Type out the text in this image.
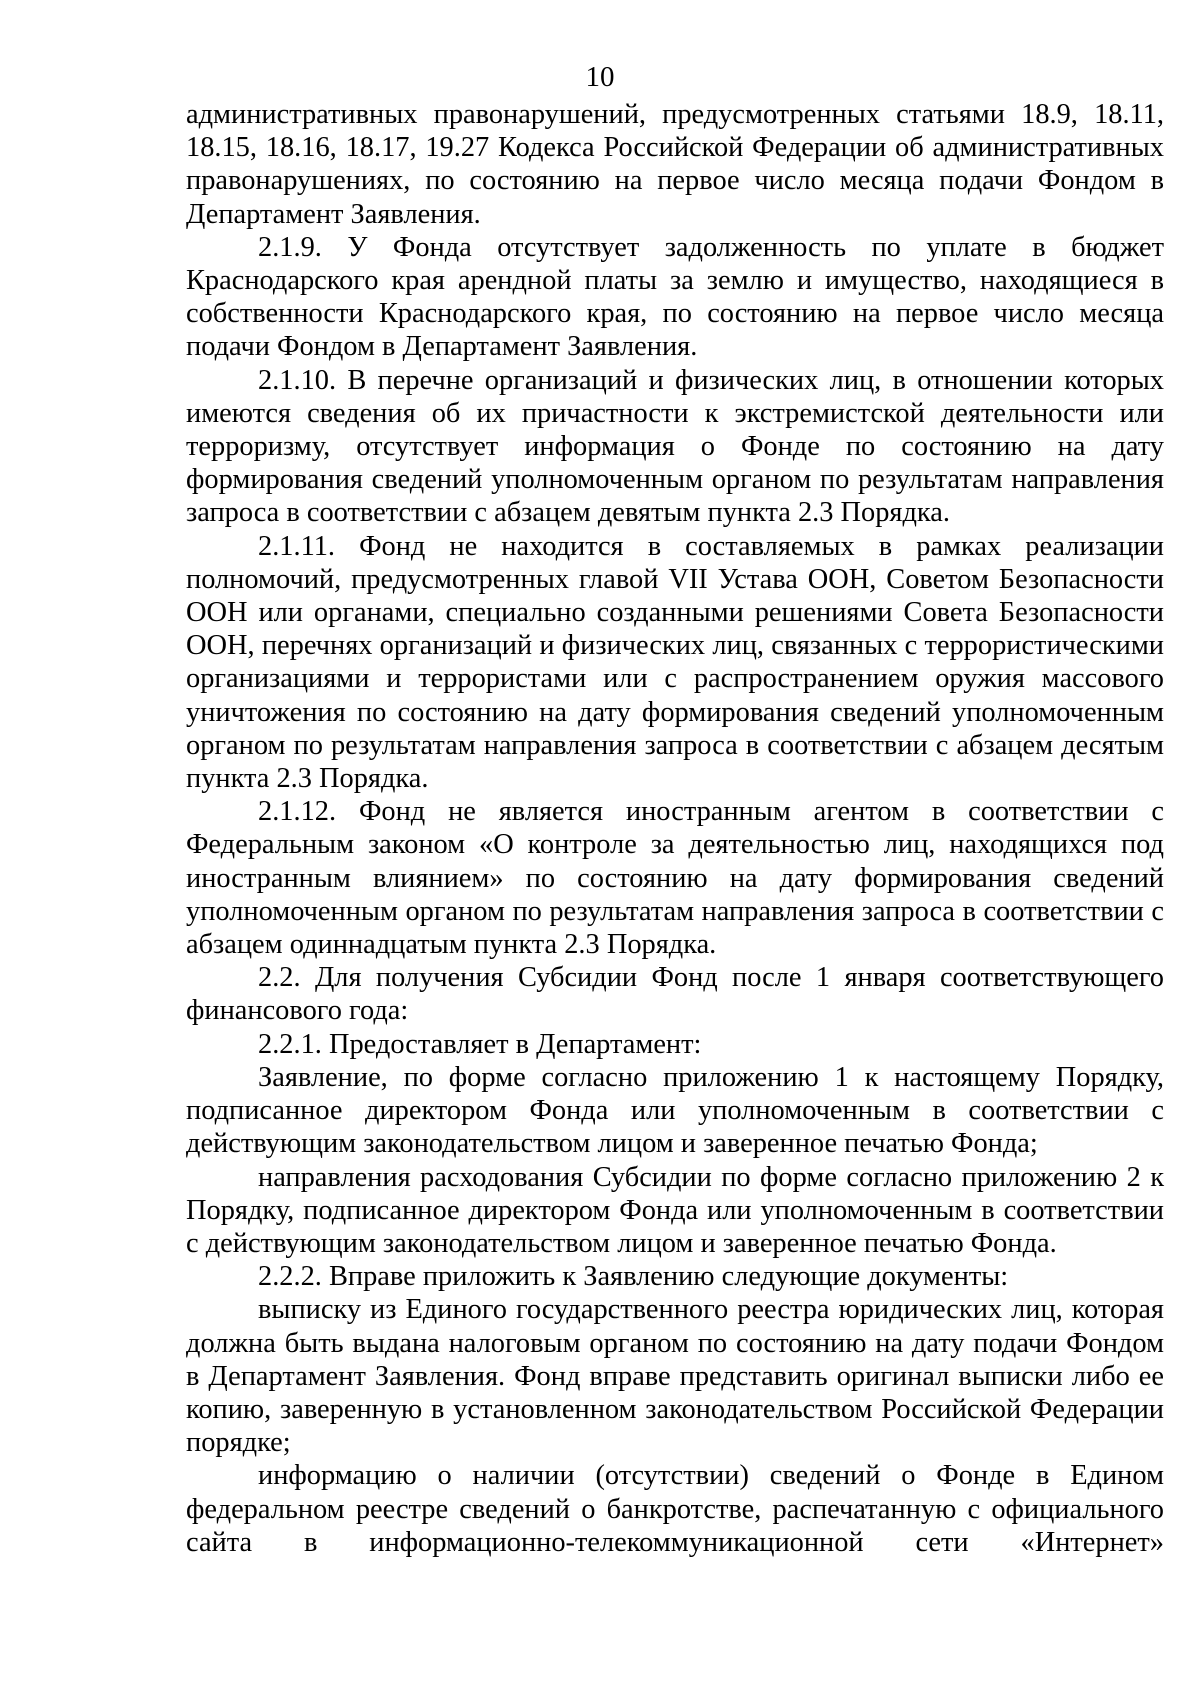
10

административных правонарушений, предусмотренных статьями 18.9, 18.11, 18.15, 18.16, 18.17, 19.27 Кодекса Российской Федерации об административных правонарушениях, по состоянию на первое число месяца подачи Фондом в Департамент Заявления.

2.1.9. У Фонда отсутствует задолженность по уплате в бюджет Краснодарского края арендной платы за землю и имущество, находящиеся в собственности Краснодарского края, по состоянию на первое число месяца подачи Фондом в Департамент Заявления.

2.1.10. В перечне организаций и физических лиц, в отношении которых имеются сведения об их причастности к экстремистской деятельности или терроризму, отсутствует информация о Фонде по состоянию на дату формирования сведений уполномоченным органом по результатам направления запроса в соответствии с абзацем девятым пункта 2.3 Порядка.

2.1.11. Фонд не находится в составляемых в рамках реализации полномочий, предусмотренных главой VII Устава ООН, Советом Безопасности ООН или органами, специально созданными решениями Совета Безопасности ООН, перечнях организаций и физических лиц, связанных с террористическими организациями и террористами или с распространением оружия массового уничтожения по состоянию на дату формирования сведений уполномоченным органом по результатам направления запроса в соответствии с абзацем десятым пункта 2.3 Порядка.

2.1.12. Фонд не является иностранным агентом в соответствии с Федеральным законом «О контроле за деятельностью лиц, находящихся под иностранным влиянием» по состоянию на дату формирования сведений уполномоченным органом по результатам направления запроса в соответствии с абзацем одиннадцатым пункта 2.3 Порядка.

2.2. Для получения Субсидии Фонд после 1 января соответствующего финансового года:

2.2.1. Предоставляет в Департамент:

Заявление, по форме согласно приложению 1 к настоящему Порядку, подписанное директором Фонда или уполномоченным в соответствии с действующим законодательством лицом и заверенное печатью Фонда;

направления расходования Субсидии по форме согласно приложению 2 к Порядку, подписанное директором Фонда или уполномоченным в соответствии с действующим законодательством лицом и заверенное печатью Фонда.

2.2.2. Вправе приложить к Заявлению следующие документы:

выписку из Единого государственного реестра юридических лиц, которая должна быть выдана налоговым органом по состоянию на дату подачи Фондом в Департамент Заявления. Фонд вправе представить оригинал выписки либо ее копию, заверенную в установленном законодательством Российской Федерации порядке;

информацию о наличии (отсутствии) сведений о Фонде в Едином федеральном реестре сведений о банкротстве, распечатанную с официального сайта в информационно-телекоммуникационной сети «Интернет»
